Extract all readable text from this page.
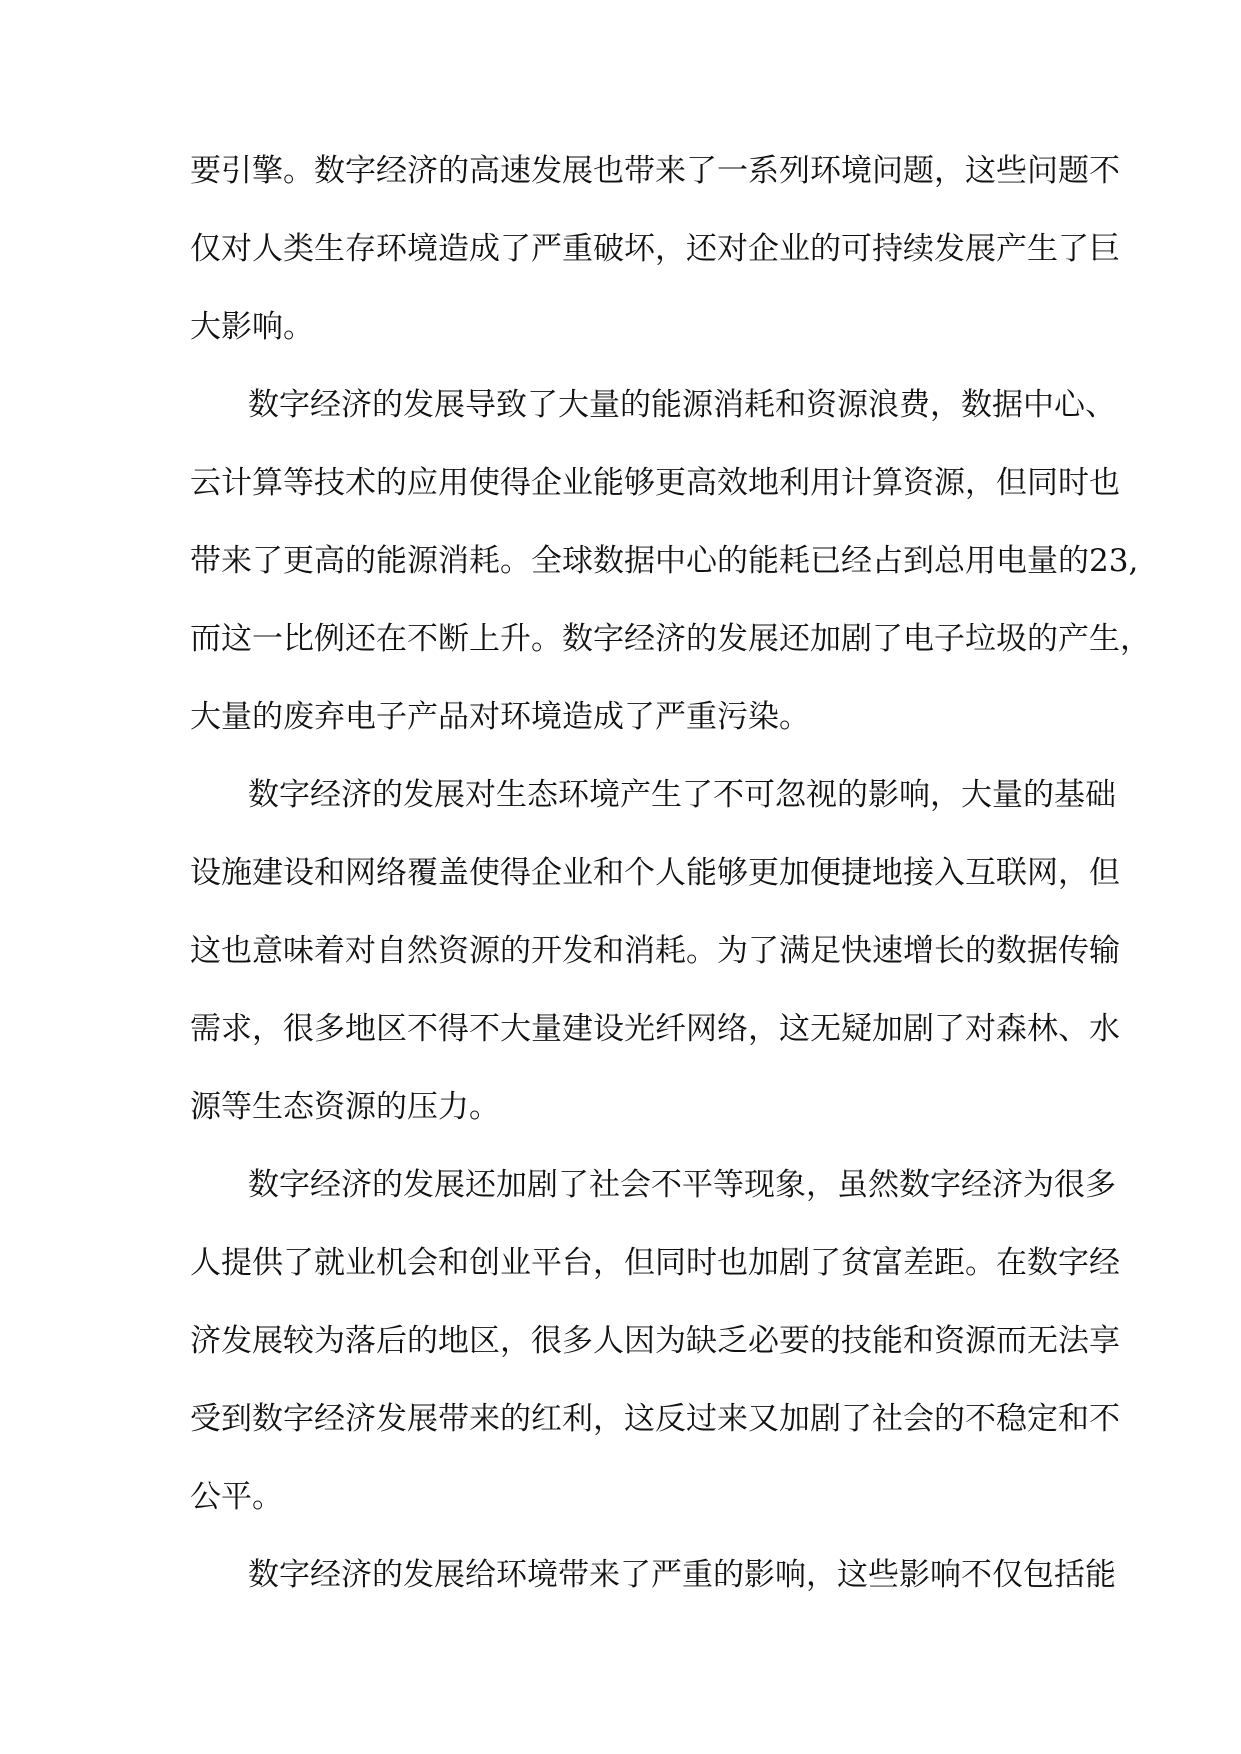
要引擎。数字经济的高速发展也带来了一系列环境问题，这些问题不
仅对人类生存环境造成了严重破坏，还对企业的可持续发展产生了巨
大影响。
数字经济的发展导致了大量的能源消耗和资源浪费，数据中心、
云计算等技术的应用使得企业能够更高效地利用计算资源，但同时也
带来了更高的能源消耗。全球数据中心的能耗已经占到总用电量的23,
而这一比例还在不断上升。数字经济的发展还加剧了电子垃圾的产生，
大量的废弃电子产品对环境造成了严重污染。
数字经济的发展对生态环境产生了不可忽视的影响，大量的基础
设施建设和网络覆盖使得企业和个人能够更加便捷地接入互联网，但
这也意味着对自然资源的开发和消耗。为了满足快速增长的数据传输
需求，很多地区不得不大量建设光纤网络，这无疑加剧了对森林、水
源等生态资源的压力。
数字经济的发展还加剧了社会不平等现象，虽然数字经济为很多
人提供了就业机会和创业平台，但同时也加剧了贫富差距。在数字经
济发展较为落后的地区，很多人因为缺乏必要的技能和资源而无法享
受到数字经济发展带来的红利，这反过来又加剧了社会的不稳定和不
公平。
数字经济的发展给环境带来了严重的影响，这些影响不仅包括能
